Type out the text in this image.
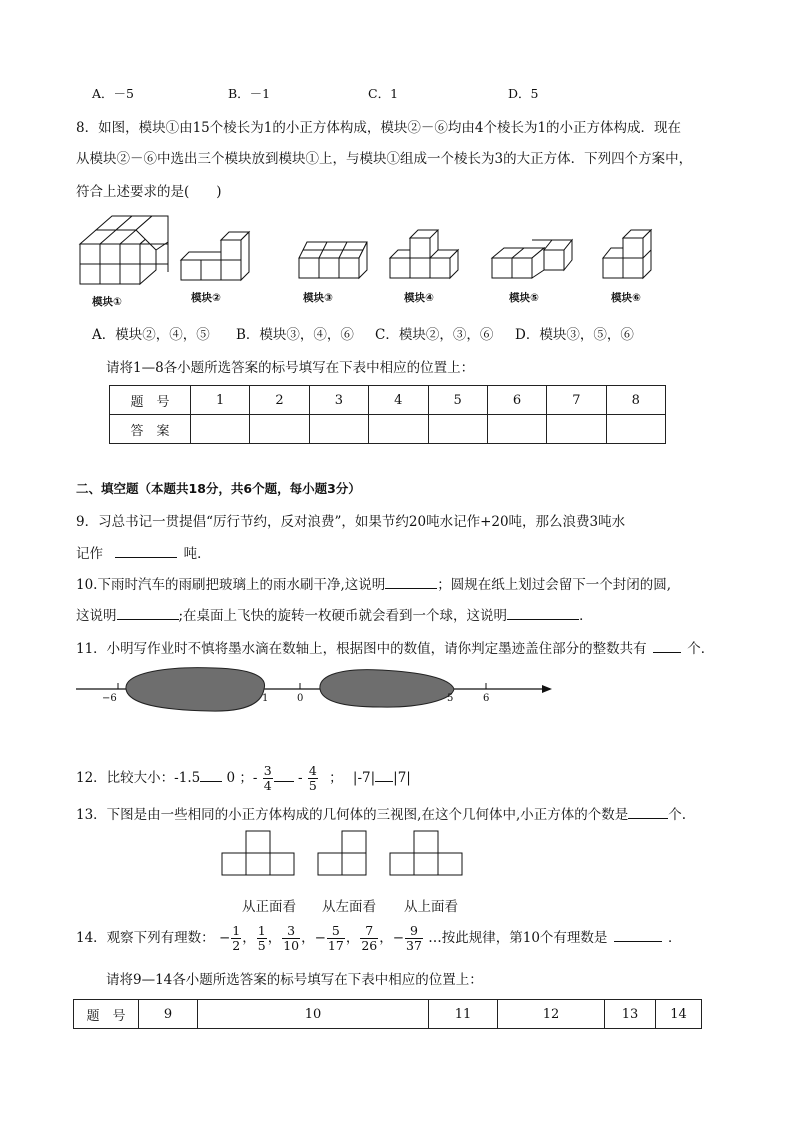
A．－5	B．－1	C．1	D．5
8．如图，模块①由15个棱长为1的小正方体构成，模块②－⑥均由4个棱长为1的小正方体构成．现在
从模块②－⑥中选出三个模块放到模块①上，与模块①组成一个棱长为3的大正方体．下列四个方案中，
符合上述要求的是(　　)
模块①	模块②	模块③	模块④	模块⑤	模块⑥
A．模块②，④，⑤ B．模块③，④，⑥ C．模块②，③，⑥ D．模块③，⑤，⑥
请将1—8各小题所选答案的标号填写在下表中相应的位置上：
题　号	1	2	3	4	5	6	7	8
答　案								
二、填空题（本题共18分，共6个题，每小题3分）
9．习总书记一贯提倡“厉行节约，反对浪费”，如果节约20吨水记作+20吨，那么浪费3吨水
记作	吨．
10.下雨时汽车的雨刷把玻璃上的雨水刷干净,这说明	；圆规在纸上划过会留下一个封闭的圆,
这说明	;在桌面上飞快的旋转一枚硬币就会看到一个球，这说明	．
11．小明写作业时不慎将墨水滴在数轴上，根据图中的数值，请你判定墨迹盖住部分的整数共有	个．
−6	1	0	5	6
12．比较大小：-1.5 0 ；- $\frac{3}{4} - \frac{4}{5}$ ； |-7| |7|
13．下图是由一些相同的小正方体构成的几何体的三视图,在这个几何体中,小正方体的个数是	个.
从正面看 从左面看 从上面看
14．观察下列有理数： − $\frac{1}{2}$ ， $\frac{1}{5}$ ， $\frac{3}{10}$ ，− $\frac{5}{17}$ ， $\frac{7}{26}$ ，− $\frac{9}{37}$ …按此规律，第10个有理数是	．
请将9—14各小题所选答案的标号填写在下表中相应的位置上：
题　号	9	10	11	12	13	14
